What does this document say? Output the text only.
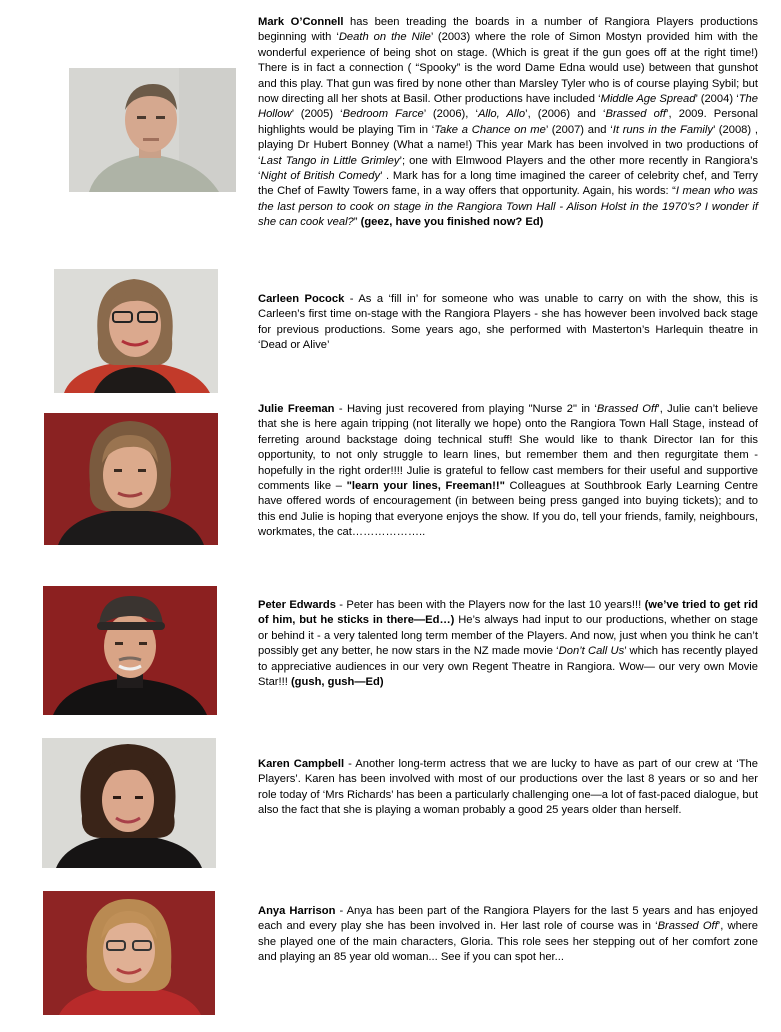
Mark O’Connell has been treading the boards in a number of Rangiora Players productions beginning with ‘Death on the Nile’ (2003) where the role of Simon Mostyn provided him with the wonderful experience of being shot on stage. (Which is great if the gun goes off at the right time!) There is in fact a connection ( “Spooky” is the word Dame Edna would use) between that gunshot and this play. That gun was fired by none other than Marsley Tyler who is of course playing Sybil; but now directing all her shots at Basil. Other productions have included ‘Middle Age Spread’ (2004) ‘The Hollow’ (2005) ‘Bedroom Farce’ (2006), ‘Allo, Allo’, (2006) and ‘Brassed off’, 2009. Personal highlights would be playing Tim in ‘Take a Chance on me’ (2007) and ‘It runs in the Family’ (2008) , playing Dr Hubert Bonney (What a name!) This year Mark has been involved in two productions of ‘Last Tango in Little Grimley’; one with Elmwood Players and the other more recently in Rangiora’s ‘Night of British Comedy’ . Mark has for a long time imagined the career of celebrity chef, and Terry the Chef of Fawlty Towers fame, in a way offers that opportunity. Again, his words: “I mean who was the last person to cook on stage in the Rangiora Town Hall - Alison Holst in the 1970’s? I wonder if she can cook veal?” (geez, have you finished now? Ed)

Carleen Pocock - As a ‘fill in’ for someone who was unable to carry on with the show, this is Carleen’s first time on-stage with the Rangiora Players - she has however been involved back stage for previous productions. Some years ago, she performed with Masterton’s Harlequin theatre in ‘Dead or Alive’

Julie Freeman - Having just recovered from playing "Nurse 2" in ‘Brassed Off’, Julie can’t believe that she is here again tripping (not literally we hope) onto the Rangiora Town Hall Stage, instead of ferreting around backstage doing technical stuff! She would like to thank Director Ian for this opportunity, to not only struggle to learn lines, but remember them and then regurgitate them - hopefully in the right order!!!! Julie is grateful to fellow cast members for their useful and supportive comments like – "learn your lines, Freeman!!" Colleagues at Southbrook Early Learning Centre have offered words of encouragement (in between being press ganged into buying tickets); and to this end Julie is hoping that everyone enjoys the show. If you do, tell your friends, family, neighbours, workmates, the cat………………..

Peter Edwards - Peter has been with the Players now for the last 10 years!!! (we’ve tried to get rid of him, but he sticks in there—Ed…) He’s always had input to our productions, whether on stage or behind it - a very talented long term member of the Players. And now, just when you think he can’t possibly get any better, he now stars in the NZ made movie ‘Don’t Call Us’ which has recently played to appreciative audiences in our very own Regent Theatre in Rangiora. Wow— our very own Movie Star!!! (gush, gush—Ed)

Karen Campbell - Another long-term actress that we are lucky to have as part of our crew at ‘The Players’. Karen has been involved with most of our productions over the last 8 years or so and her role today of ‘Mrs Richards’ has been a particularly challenging one—a lot of fast-paced dialogue, but also the fact that she is playing a woman probably a good 25 years older than herself.

Anya Harrison - Anya has been part of the Rangiora Players for the last 5 years and has enjoyed each and every play she has been involved in. Her last role of course was in ‘Brassed Off’, where she played one of the main characters, Gloria. This role sees her stepping out of her comfort zone and playing an 85 year old woman... See if you can spot her...
